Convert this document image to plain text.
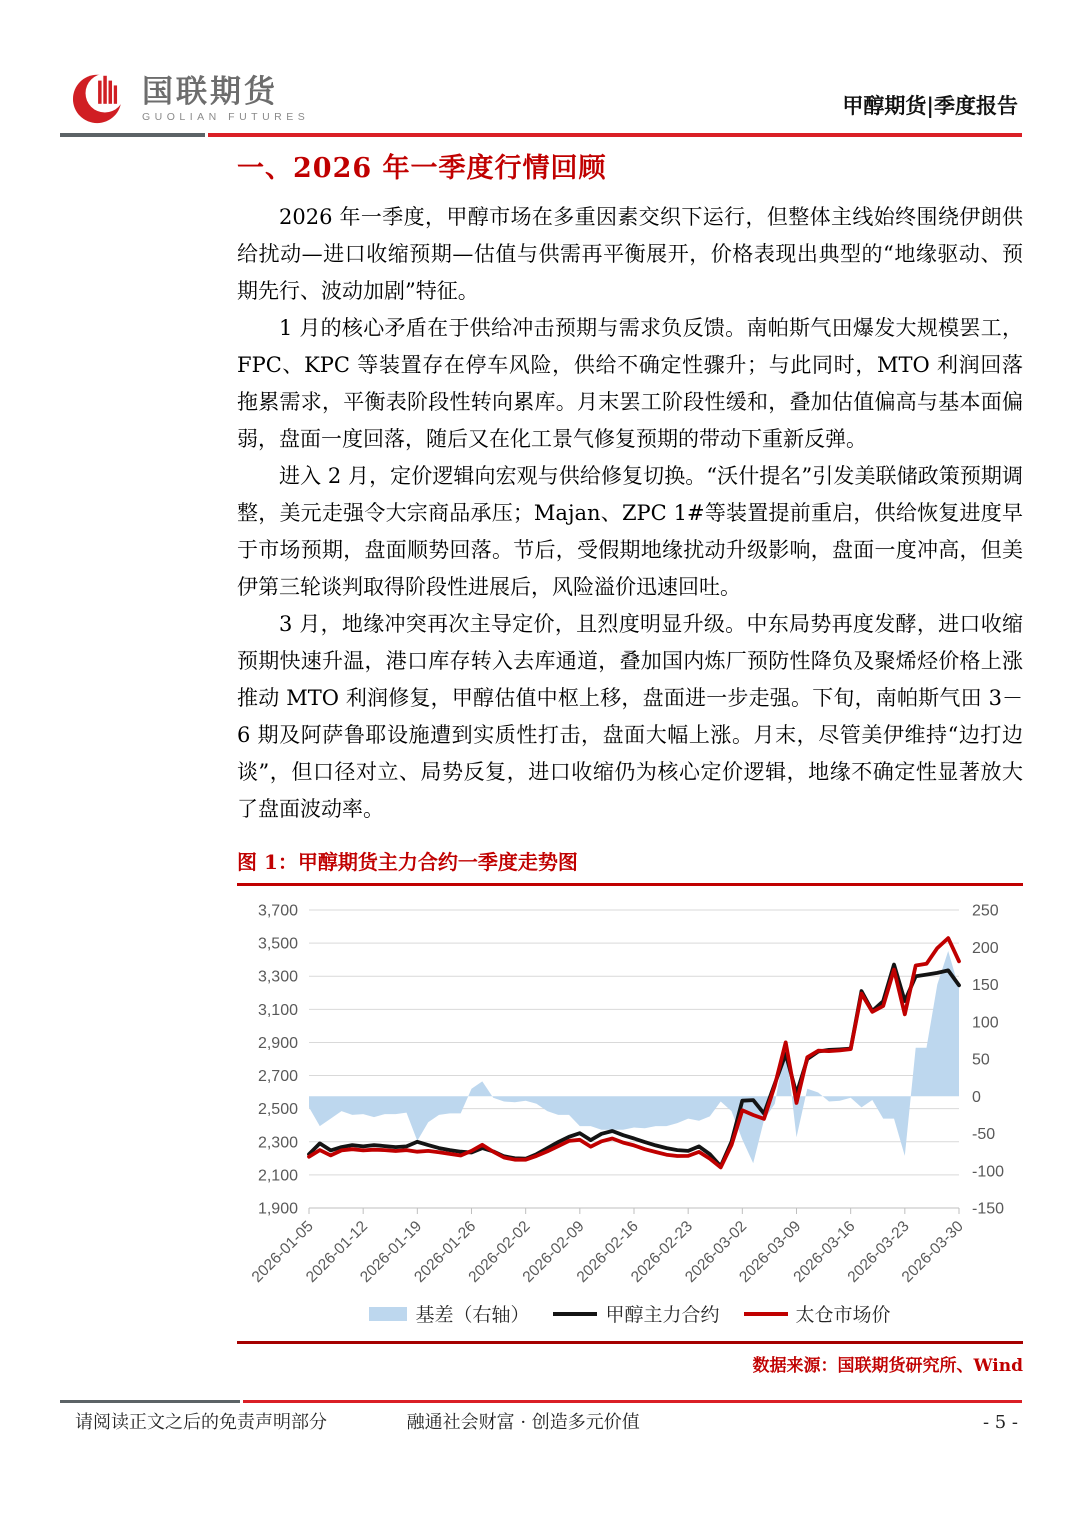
国联期货
GUOLIAN FUTURES	甲醇期货|季度报告
一、2026 年一季度行情回顾

2026 年一季度，甲醇市场在多重因素交织下运行，但整体主线始终围绕伊朗供给扰动—进口收缩预期—估值与供需再平衡展开，价格表现出典型的“地缘驱动、预期先行、波动加剧”特征。

1 月的核心矛盾在于供给冲击预期与需求负反馈。南帕斯气田爆发大规模罢工，FPC、KPC 等装置存在停车风险，供给不确定性骤升；与此同时，MTO 利润回落拖累需求，平衡表阶段性转向累库。月末罢工阶段性缓和，叠加估值偏高与基本面偏弱，盘面一度回落，随后又在化工景气修复预期的带动下重新反弹。

进入 2 月，定价逻辑向宏观与供给修复切换。“沃什提名”引发美联储政策预期调整，美元走强令大宗商品承压；Majan、ZPC 1#等装置提前重启，供给恢复进度早于市场预期，盘面顺势回落。节后，受假期地缘扰动升级影响，盘面一度冲高，但美伊第三轮谈判取得阶段性进展后，风险溢价迅速回吐。

3 月，地缘冲突再次主导定价，且烈度明显升级。中东局势再度发酵，进口收缩预期快速升温，港口库存转入去库通道，叠加国内炼厂预防性降负及聚烯烃价格上涨推动 MTO 利润修复，甲醇估值中枢上移，盘面进一步走强。下旬，南帕斯气田 3－6 期及阿萨鲁耶设施遭到实质性打击，盘面大幅上涨。月末，尽管美伊维持“边打边谈”，但口径对立、局势反复，进口收缩仍为核心定价逻辑，地缘不确定性显著放大了盘面波动率。

图 1：甲醇期货主力合约一季度走势图
1,900
2,100
2,300
2,500
2,700
2,900
3,100
3,300
3,500
3,700
-150
-100
-50
0
50
100
150
200
250
2026-01-05
2026-01-12
2026-01-19
2026-01-26
2026-02-02
2026-02-09
2026-02-16
2026-02-23
2026-03-02
2026-03-09
2026-03-16
2026-03-23
2026-03-30
基差（右轴）	甲醇主力合约	太仓市场价
数据来源：国联期货研究所、Wind
请阅读正文之后的免责声明部分	融通社会财富 · 创造多元价值	- 5 -
